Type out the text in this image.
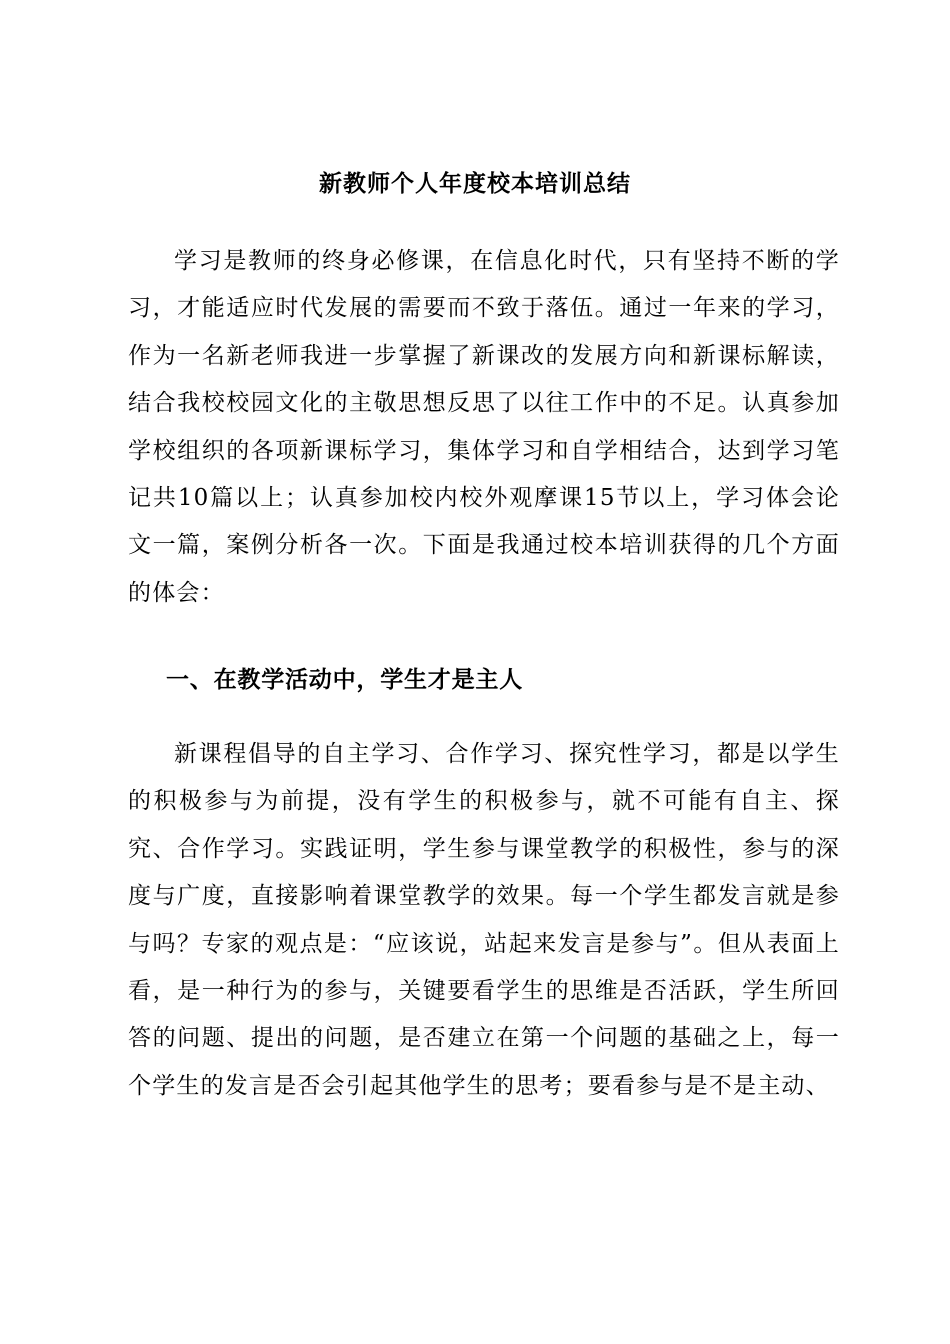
新教师个人年度校本培训总结

学习是教师的终身必修课，在信息化时代，只有坚持不断的学习，才能适应时代发展的需要而不致于落伍。通过一年来的学习，作为一名新老师我进一步掌握了新课改的发展方向和新课标解读，结合我校校园文化的主敬思想反思了以往工作中的不足。认真参加学校组织的各项新课标学习，集体学习和自学相结合，达到学习笔记共10篇以上；认真参加校内校外观摩课15节以上，学习体会论文一篇，案例分析各一次。下面是我通过校本培训获得的几个方面的体会：

一、在教学活动中，学生才是主人

新课程倡导的自主学习、合作学习、探究性学习，都是以学生的积极参与为前提，没有学生的积极参与，就不可能有自主、探究、合作学习。实践证明，学生参与课堂教学的积极性，参与的深度与广度，直接影响着课堂教学的效果。每一个学生都发言就是参与吗？专家的观点是：“应该说，站起来发言是参与”。但从表面上看，是一种行为的参与，关键要看学生的思维是否活跃，学生所回答的问题、提出的问题，是否建立在第一个问题的基础之上，每一个学生的发言是否会引起其他学生的思考；要看参与是不是主动、
